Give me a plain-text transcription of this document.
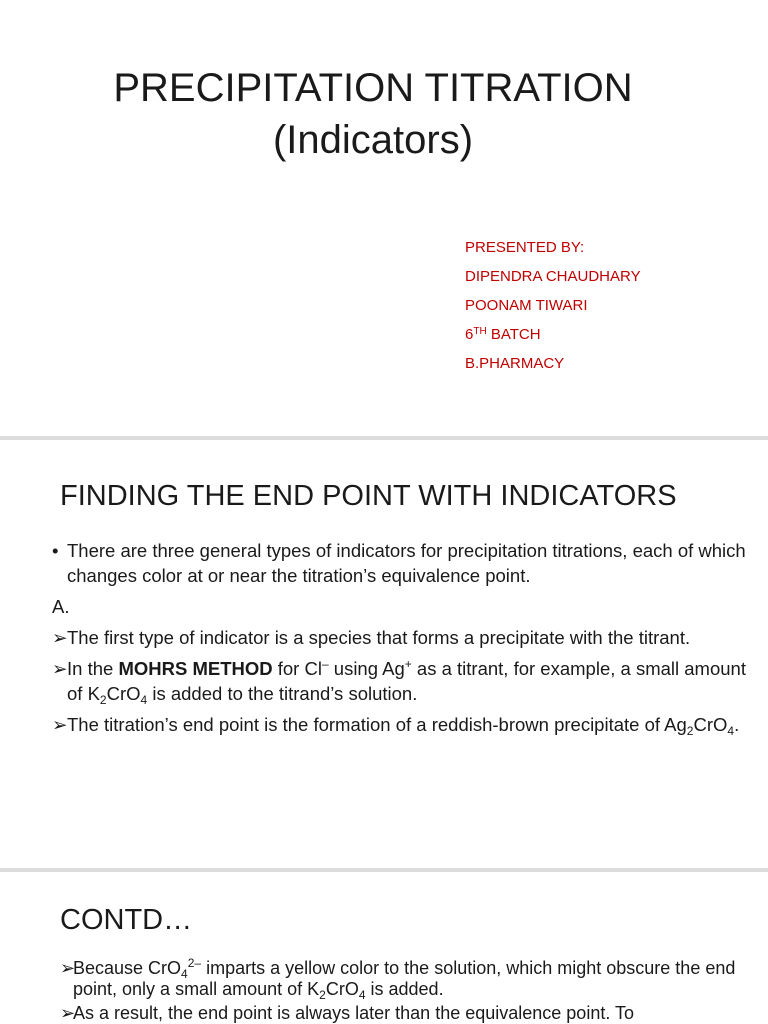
PRECIPITATION TITRATION
(Indicators)
PRESENTED BY:
DIPENDRA CHAUDHARY
POONAM TIWARI
6TH BATCH
B.PHARMACY
FINDING THE END POINT WITH INDICATORS
• There are three general types of indicators for precipitation titrations, each of which changes color at or near the titration’s equivalence point.
A.
➢ The first type of indicator is a species that forms a precipitate with the titrant.
➢ In the MOHRS METHOD for Cl– using Ag+ as a titrant, for example, a small amount of $K_2CrO_4$ is added to the titrand’s solution.
➢ The titration’s end point is the formation of a reddish-brown precipitate of $Ag_2CrO_4$.
CONTD…
➢
Because CrO$_4^{2-}$ imparts a yellow color to the solution, which might obscure the end point, only a small amount of $K_2CrO_4$ is added.
➢
As a result, the end point is always later than the equivalence point. To
